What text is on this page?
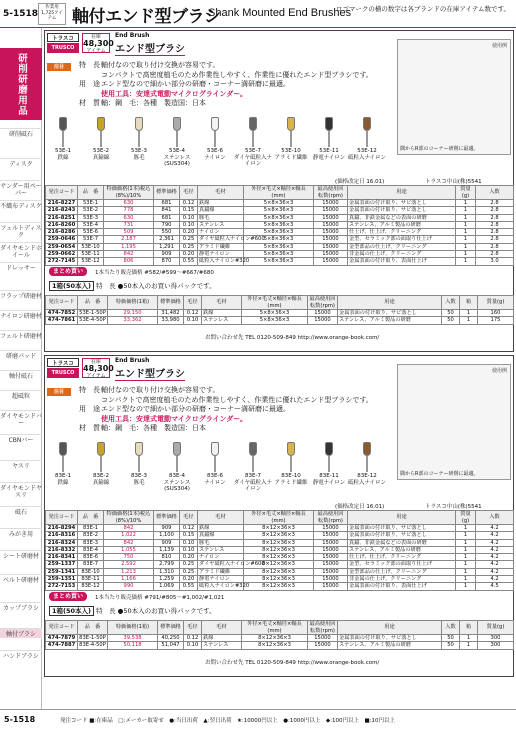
5-1518
作業用
1,725アイテム 軸付エンド型ブラシ
Shank Mounted End Brushes
ロゴマークの横の数字は各ブランドの在庫アイテム数です。
研削研磨用品
研削砥石
ディスク
サンダー用ペーパー
不織布ディスク
フェルトディスク
ダイヤモンドホイール
ドレッサー
フラップ研磨材
ナイロン研磨材
フェルト研磨材
研磨パッド
軸付砥石
超砥粒
ダイヤモンドバー
CBNバー
ヤスリ
ダイヤモンドヤスリ
砥石
みがき用
シート研磨材
ベルト研磨材
カップブラシ
軸付ブラシ
ハンドブラシ
トラスコ
TRUSCO
在庫
48,300
アイテム
End Brush
エンド型ブラシ
注目	特　長軸付なので取り付け交換が容易です。
コンパクトで高密度植毛のため作業性しやすく、作業性に優れたエンド型ブラシです。
用　途エンド型なので細かい部分の研磨・コーナー満研磨に最適。
使用工具：安達式電動マイクログラインダー。
材　質軸：鋼　毛：各種　製造国：日本
使用例
隅からR部のコーナー研削に最適。
53E-1
鉄線
53E-2
真鍮線
53E-3
豚毛
53E-4
ステンレス(SUS304)
53E-6
ナイロン
53E-7
ダイヤ砥粒入ナイロン
53E-10
アラミド繊維
53E-11
静電ナイロン
53E-12
砥粒入ナイロン
(価格改定日 16.01)	トラスコ中山(株)5541
発注コード	品　番	特価価格(1本)税込(8%)/10%	標準価格	毛径	毛材	外径×毛丈×軸径×軸長(mm)	最高使用回転数(rpm)	用途	質量(g)	入数
216-8227	53E-1	630	681	0.12	鉄線	5×8×36×3	15000	金属表面の付け取り、サビ落とし	1	2.8
216-8243	53E-2	778	841	0.15	真鍮線	5×8×36×3	15000	金属表面の付け取り、サビ落とし	1	2.8
216-8251	53E-3	630	681	0.10	豚毛	5×8×36×3	15000	真鍮、非鉄金属などの表面の研磨	1	2.8
216-8260	53E-4	731	790	0.10	ステンレス	5×8×36×3	15000	ステンレス、アルミ製品の研磨	1	2.8
216-8286	53E-6	509	550	0.20	ナイロン	5×8×36×3	15000	仕上げ、仕上げ、クリーニング	1	2.8
259-0646	53E-7	2,187	2,361	0.25	ダイヤ砥粒入ナイロン#600	5×8×36×3	15000	金型、セラミック部の面取り仕上げ	1	2.8
259-0654	53E-10	1,195	1,291	0.25	アラミド繊維	5×8×36×3	15000	金型部品の仕上げ、クリーニング	1	2.8
259-0662	53E-11	842	909	0.20	静電ナイロン	5×8×36×3	15000	非金属の仕上げ、クリーニング	1	2.8
272-7145	53E-12	806	870	0.55	砥粒入ナイロン#320	5×8×36×3	15000	金属表面の付け取り、表面仕上げ	1	3.0
まとめ買い	1本当たり販売価格 #582/#599〜#667/#680
1箱(50本入) 特　長 ●50本入のお買い得パックです。
発注コード	品　番	特価価格(1箱)	標準価格	毛径	毛材	外径×毛丈×軸径×軸長(mm)	最高使用回転数(rpm)	用途	入数	箱	質量(g)
474-7852	53E-1-50P	29,150	31,482	0.12	鉄線	5×8×36×3	15000	金属表面の付け取り、サビ落とし	50	1	160
474-7861	53E-4-50P	33,362	33,980	0.10	ステンレス	5×8×36×3	15000	ステンレス、アルミ製品の研磨	50	1	175
お問い合わせ先 TEL 0120-509-849 http://www.orange-book.com/
トラスコ
TRUSCO
在庫
48,300
アイテム
End Brush
エンド型ブラシ
注目	特　長軸付なので取り付け交換が容易です。
コンパクトで高密度植毛のため作業性しやすく、作業性に優れたエンド型ブラシです。
用　途エンド型なので細かい部分の研磨・コーナー満研磨に最適。
使用工具：安達式電動マイクログラインダー。
材　質軸：鋼　毛：各種　製造国：日本
使用例
隅からR部のコーナー研削に最適。
83E-1
鉄線
83E-2
真鍮線
83E-3
豚毛
83E-4
ステンレス(SUS304)
83E-6
ナイロン
83E-7
ダイヤ砥粒入ナイロン
83E-10
アラミド繊維
83E-11
静電ナイロン
83E-12
砥粒入ナイロン
(価格改定日 16.01)	トラスコ中山(株)5541
発注コード	品　番	特価価格(1本)税込(8%)/10%	標準価格	毛径	毛材	外径×毛丈×軸径×軸長(mm)	最高使用回転数(rpm)	用途	質量(g)	入数
216-8294	83E-1	842	909	0.12	鉄線	8×12×36×3	15000	金属表面の付け取り、サビ落とし	1	4.2
216-8316	83E-2	1,022	1,100	0.15	真鍮線	8×12×36×3	15000	金属表面の付け取り、サビ落とし	1	4.2
216-8324	83E-3	842	909	0.10	豚毛	8×12×36×3	15000	真鍮、非鉄金属などの表面の研磨	1	4.2
216-8332	83E-4	1,055	1,139	0.10	ステンレス	8×12×36×3	15000	ステンレス、アルミ製品の研磨	1	4.2
216-8341	83E-6	750	810	0.20	ナイロン	8×12×36×3	15000	仕上げ、仕上げ、クリーニング	1	4.2
259-1337	83E-7	2,592	2,799	0.25	ダイヤ砥粒入ナイロン#600	8×12×36×3	15000	金型、セラミック部の面取り仕上げ	1	4.2
259-1341	83E-10	1,213	1,310	0.25	アラミド繊維	8×12×36×3	15000	金型部品の仕上げ、クリーニング	1	4.2
259-1351	83E-11	1,166	1,259	0.20	静電ナイロン	8×12×36×3	15000	非金属の仕上げ、クリーニング	1	4.2
272-7153	83E-12	990	1,069	0.55	砥粒入ナイロン#320	8×12×36×3	15000	金属表面の付け取り、表面仕上げ	1	4.5
まとめ買い	1本当たり販売価格 #791/#805〜#1,002/#1,021
1箱(50本入) 特　長 ●50本入のお買い得パックです。
発注コード	品　番	特価価格(1箱)	標準価格	毛径	毛材	外径×毛丈×軸径×軸長(mm)	最高使用回転数(rpm)	用途	入数	箱	質量(g)
474-7879	83E-1-50P	39,538	40,250	0.12	鉄線	8×12×36×3	15000	金属表面の付け取り、サビ落とし	50	1	300
474-7887	83E-4-50P	50,118	51,047	0.10	ステンレス	8×12×36×3	15000	ステンレス、アルミ製品の研磨	50	1	300
お問い合わせ先 TEL 0120-509-849 http://www.orange-book.com/
5-1518	発注コード ■:在庫品　□:メーカー取寄せ　●:当日出荷　▲:翌日出荷　★:10000円以上　●:1000円以上　◆:100円以上　■:10円以上
